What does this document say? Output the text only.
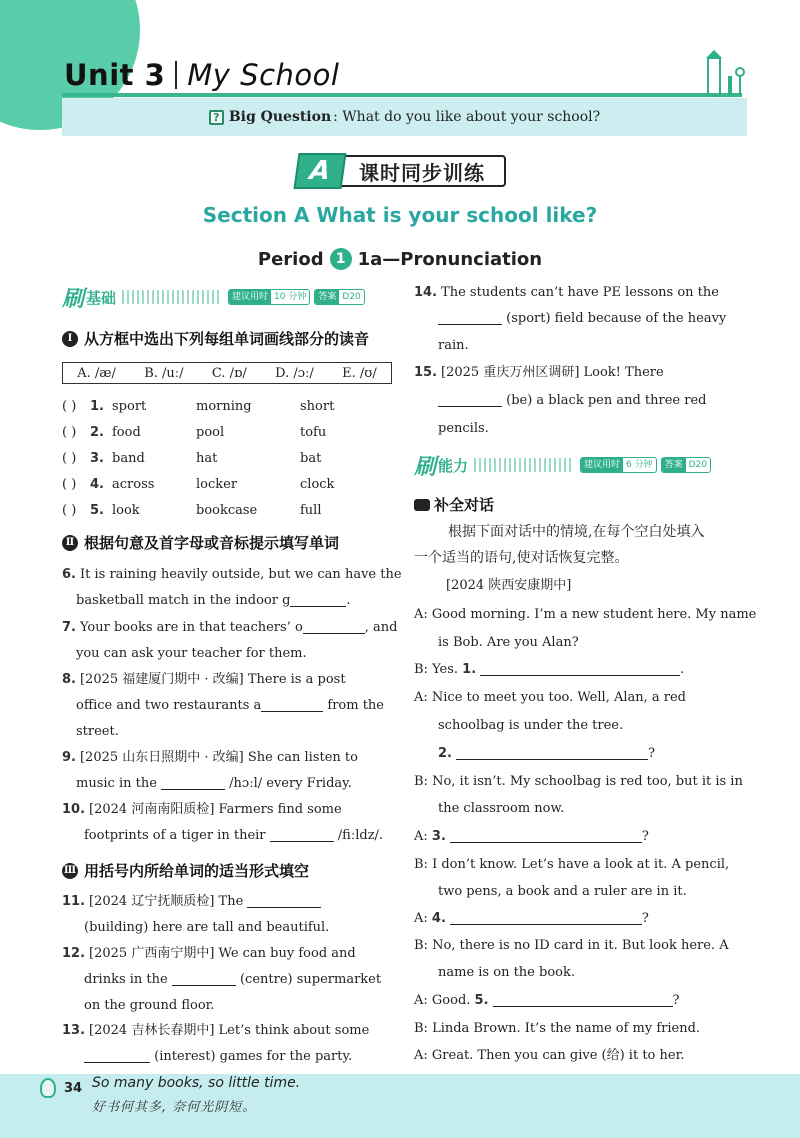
Unit 3 My School
? Big Question : What do you like about your school?
课时同步训练
A
Section A What is your school like?
Period 1 1a—Pronunciation
刷 基础	建议用时 10 分钟	答案 D20
Ⅰ 从方框中选出下列每组单词画线部分的读音
A. /æ/ B. /uː/ C. /ɒ/ D. /ɔː/ E. /ʊ/
( )	1. sport	morning	short
( )	2. food	pool	tofu
( )	3. band	hat	bat
( )	4. across	locker	clock
( )	5. look	bookcase	full
Ⅱ 根据句意及首字母或音标提示填写单词
6. It is raining heavily outside, but we can have the
basketball match in the indoor g	.
7. Your books are in that teachers’ o	, and
you can ask your teacher for them.
8. [2025 福建厦门期中 · 改编] There is a post
office and two restaurants a	from the
street.
9. [2025 山东日照期中 · 改编] She can listen to
music in the	/hɔːl/ every Friday.
10. [2024 河南南阳质检] Farmers find some
footprints of a tiger in their	/fiːldz/.
Ⅲ 用括号内所给单词的适当形式填空
11. [2024 辽宁抚顺质检] The
(building) here are tall and beautiful.
12. [2025 广西南宁期中] We can buy food and
drinks in the	(centre) supermarket
on the ground floor.
13. [2024 吉林长春期中] Let’s think about some
(interest) games for the party.
14. The students can’t have PE lessons on the
(sport) field because of the heavy
rain.
15. [2025 重庆万州区调研] Look! There
(be) a black pen and three red
pencils.
刷 能力	建议用时 6 分钟	答案 D20
补全对话
根据下面对话中的情境,在每个空白处填入
一个适当的语句,使对话恢复完整。
[2024 陕西安康期中]
A: Good morning. I’m a new student here. My name
is Bob. Are you Alan?
B: Yes. 1.	.
A: Nice to meet you too. Well, Alan, a red
schoolbag is under the tree.
2.	?
B: No, it isn’t. My schoolbag is red too, but it is in
the classroom now.
A: 3.	?
B: I don’t know. Let’s have a look at it. A pencil,
two pens, a book and a ruler are in it.
A: 4.	?
B: No, there is no ID card in it. But look here. A
name is on the book.
A: Good. 5.	?
B: Linda Brown. It’s the name of my friend.
A: Great. Then you can give (给) it to her.
34 So many books, so little time.
好书何其多, 奈何光阴短。
